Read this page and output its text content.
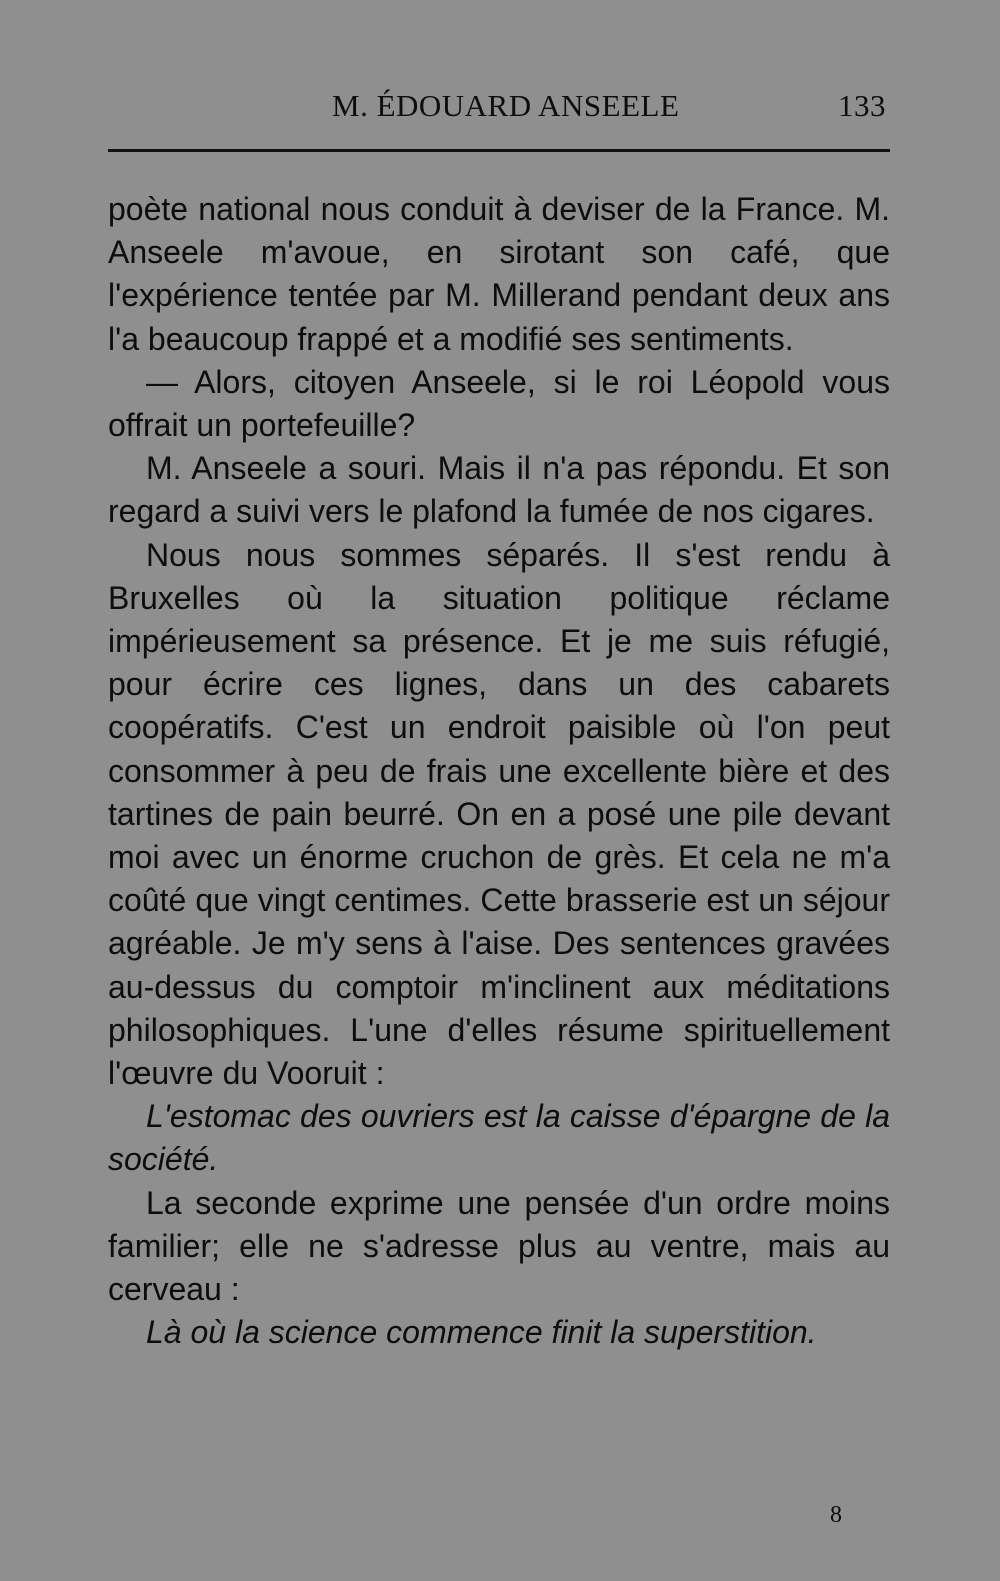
M. ÉDOUARD ANSEELE	133

poète national nous conduit à deviser de la France. M. Anseele m'avoue, en sirotant son café, que l'expérience tentée par M. Millerand pendant deux ans l'a beaucoup frappé et a modifié ses sentiments.

— Alors, citoyen Anseele, si le roi Léopold vous offrait un portefeuille?

M. Anseele a souri. Mais il n'a pas répondu. Et son regard a suivi vers le plafond la fumée de nos cigares.

Nous nous sommes séparés. Il s'est rendu à Bruxelles où la situation politique réclame impérieusement sa présence. Et je me suis réfugié, pour écrire ces lignes, dans un des cabarets coopératifs. C'est un endroit paisible où l'on peut consommer à peu de frais une excellente bière et des tartines de pain beurré. On en a posé une pile devant moi avec un énorme cruchon de grès. Et cela ne m'a coûté que vingt centimes. Cette brasserie est un séjour agréable. Je m'y sens à l'aise. Des sentences gravées au-dessus du comptoir m'inclinent aux méditations philosophiques. L'une d'elles résume spirituellement l'œuvre du Vooruit :

L'estomac des ouvriers est la caisse d'épargne de la société.

La seconde exprime une pensée d'un ordre moins familier; elle ne s'adresse plus au ventre, mais au cerveau :

Là où la science commence finit la superstition.

8
